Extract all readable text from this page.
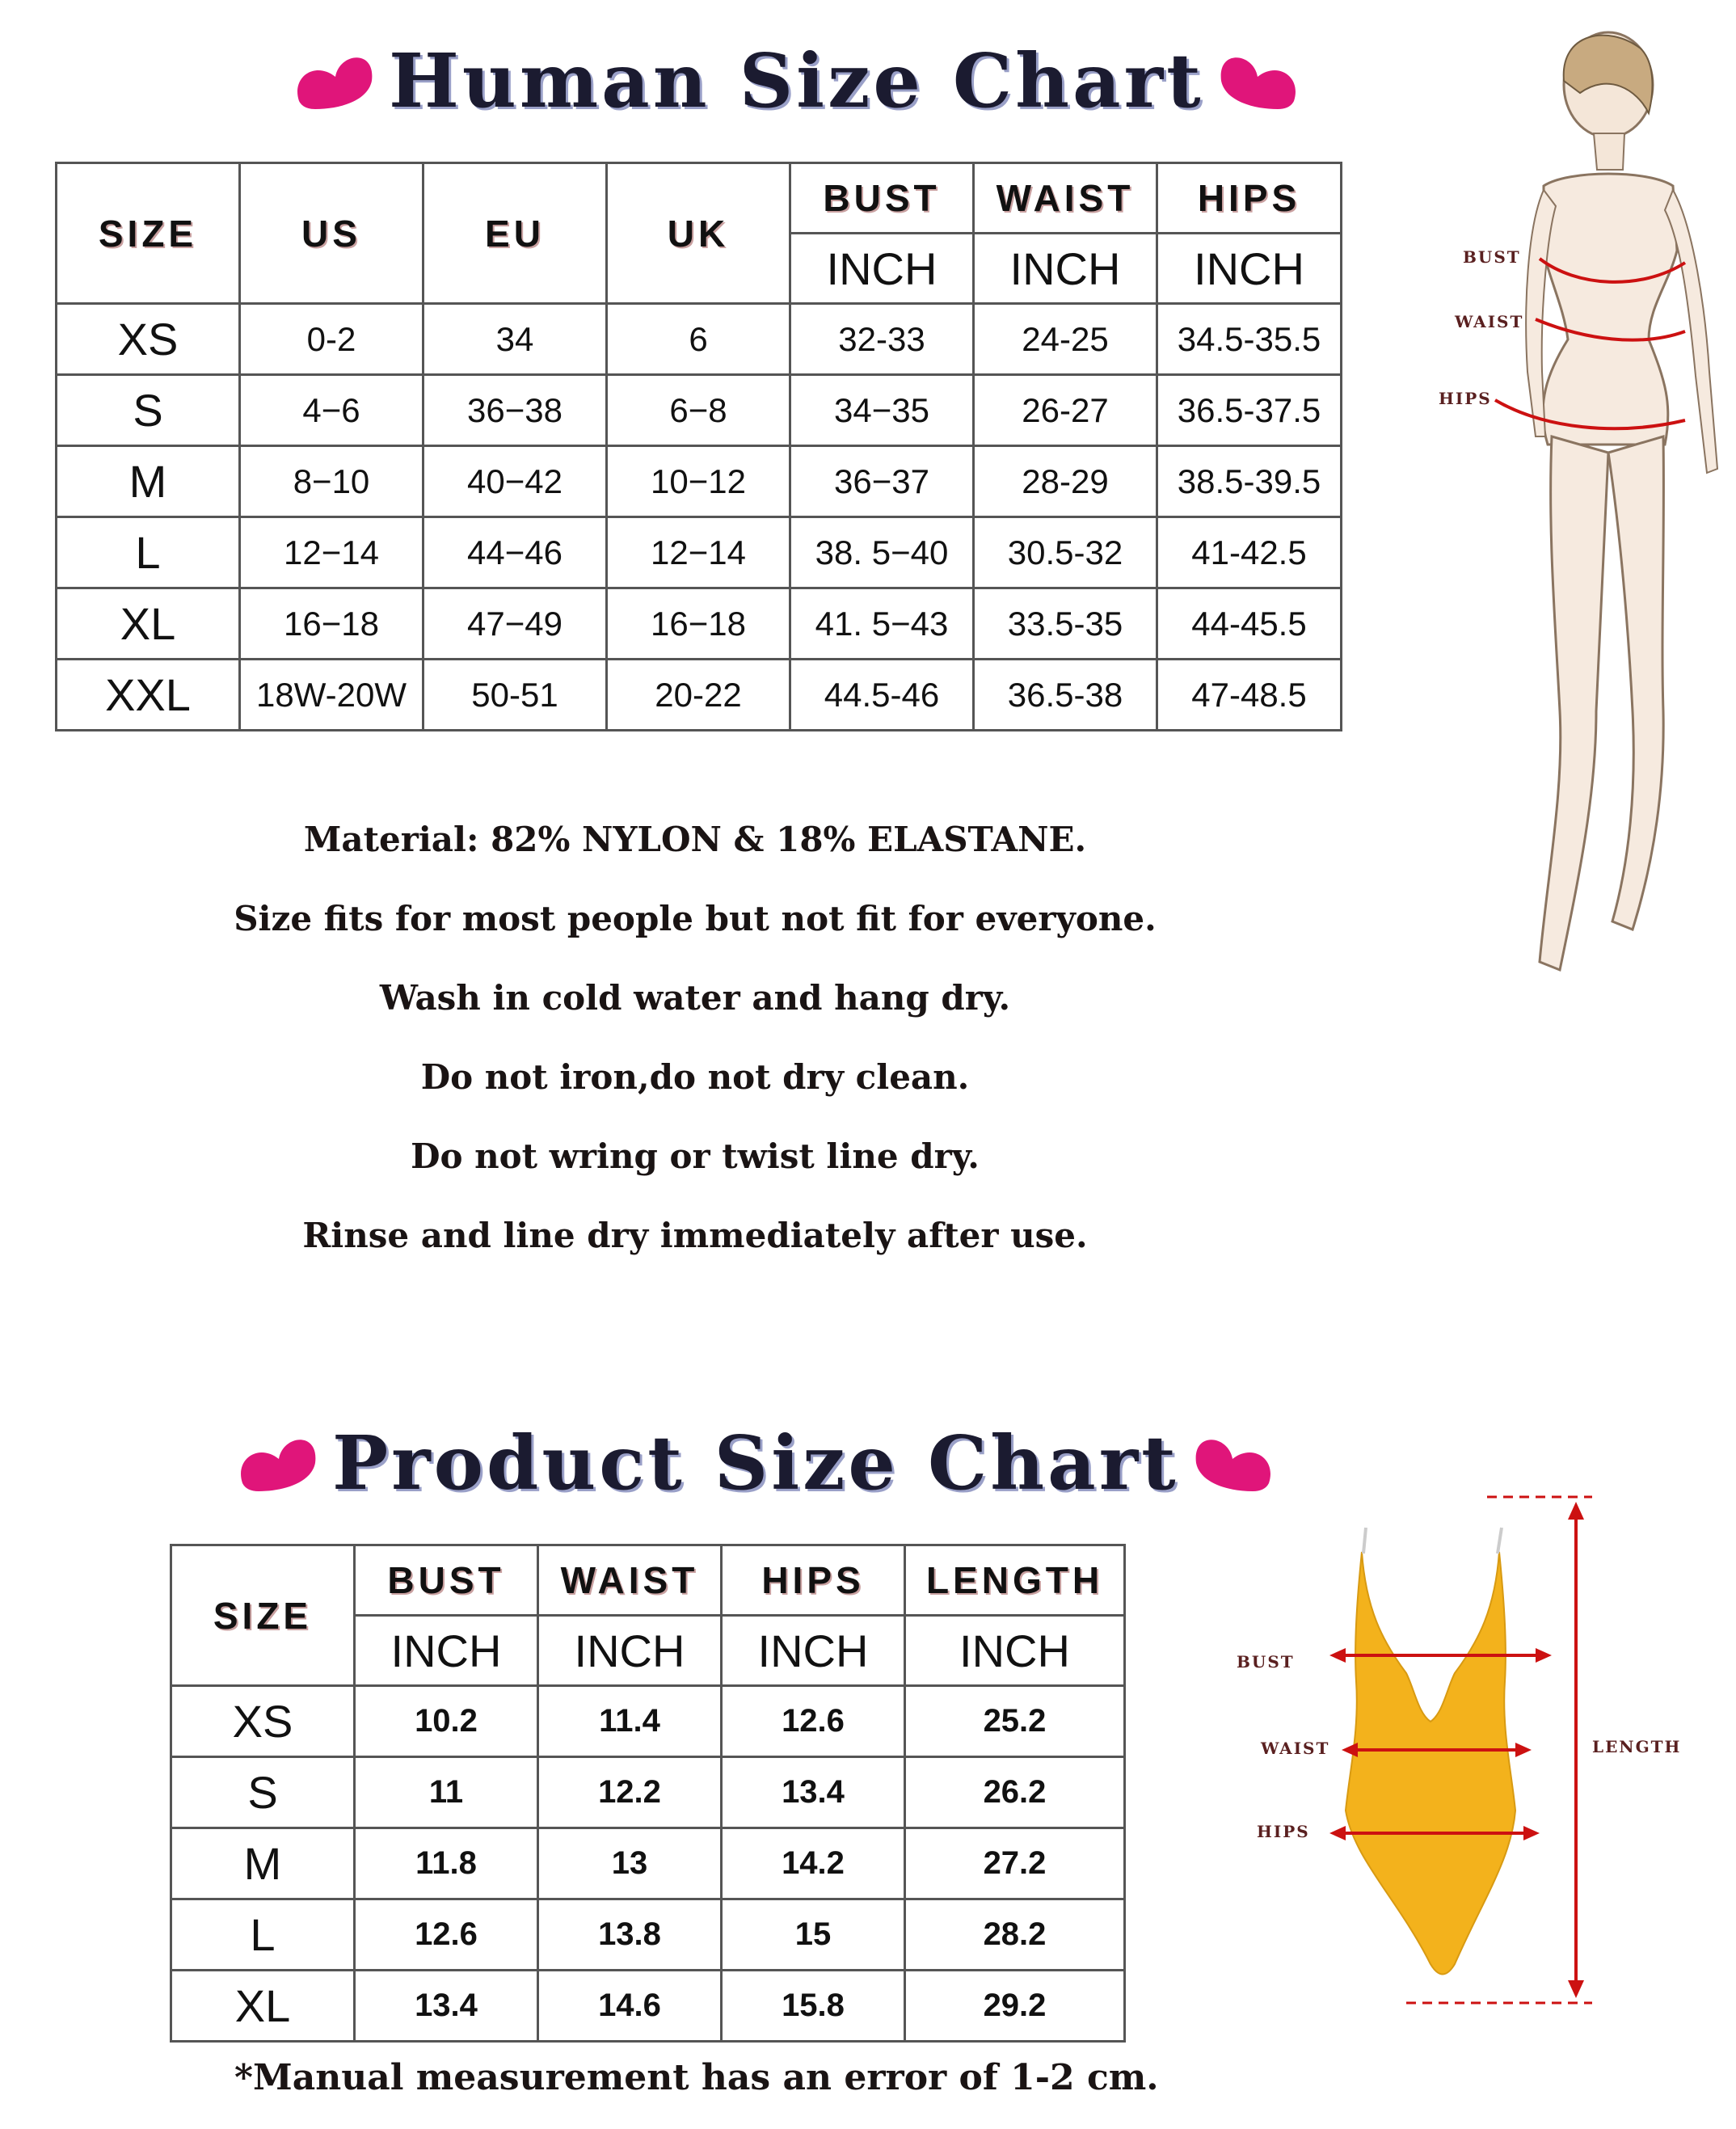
Human Size Chart
SIZE	US	EU	UK	BUST	WAIST	HIPS
				INCH	INCH	INCH
XS	0-2	34	6	32-33	24-25	34.5-35.5
S	4−6	36−38	6−8	34−35	26-27	36.5-37.5
M	8−10	40−42	10−12	36−37	28-29	38.5-39.5
L	12−14	44−46	12−14	38. 5−40	30.5-32	41-42.5
XL	16−18	47−49	16−18	41. 5−43	33.5-35	44-45.5
XXL	18W-20W	50-51	20-22	44.5-46	36.5-38	47-48.5
BUST
WAIST
HIPS
Material: 82% NYLON & 18% ELASTANE.
Size fits for most people but not fit for everyone.
Wash in cold water and hang dry.
Do not iron,do not dry clean.
Do not wring or twist line dry.
Rinse and line dry immediately after use.
Product Size Chart
SIZE	BUST	WAIST	HIPS	LENGTH
	INCH	INCH	INCH	INCH
XS	10.2	11.4	12.6	25.2
S	11	12.2	13.4	26.2
M	11.8	13	14.2	27.2
L	12.6	13.8	15	28.2
XL	13.4	14.6	15.8	29.2
BUST
WAIST
HIPS
LENGTH
*Manual measurement has an error of 1-2 cm.
